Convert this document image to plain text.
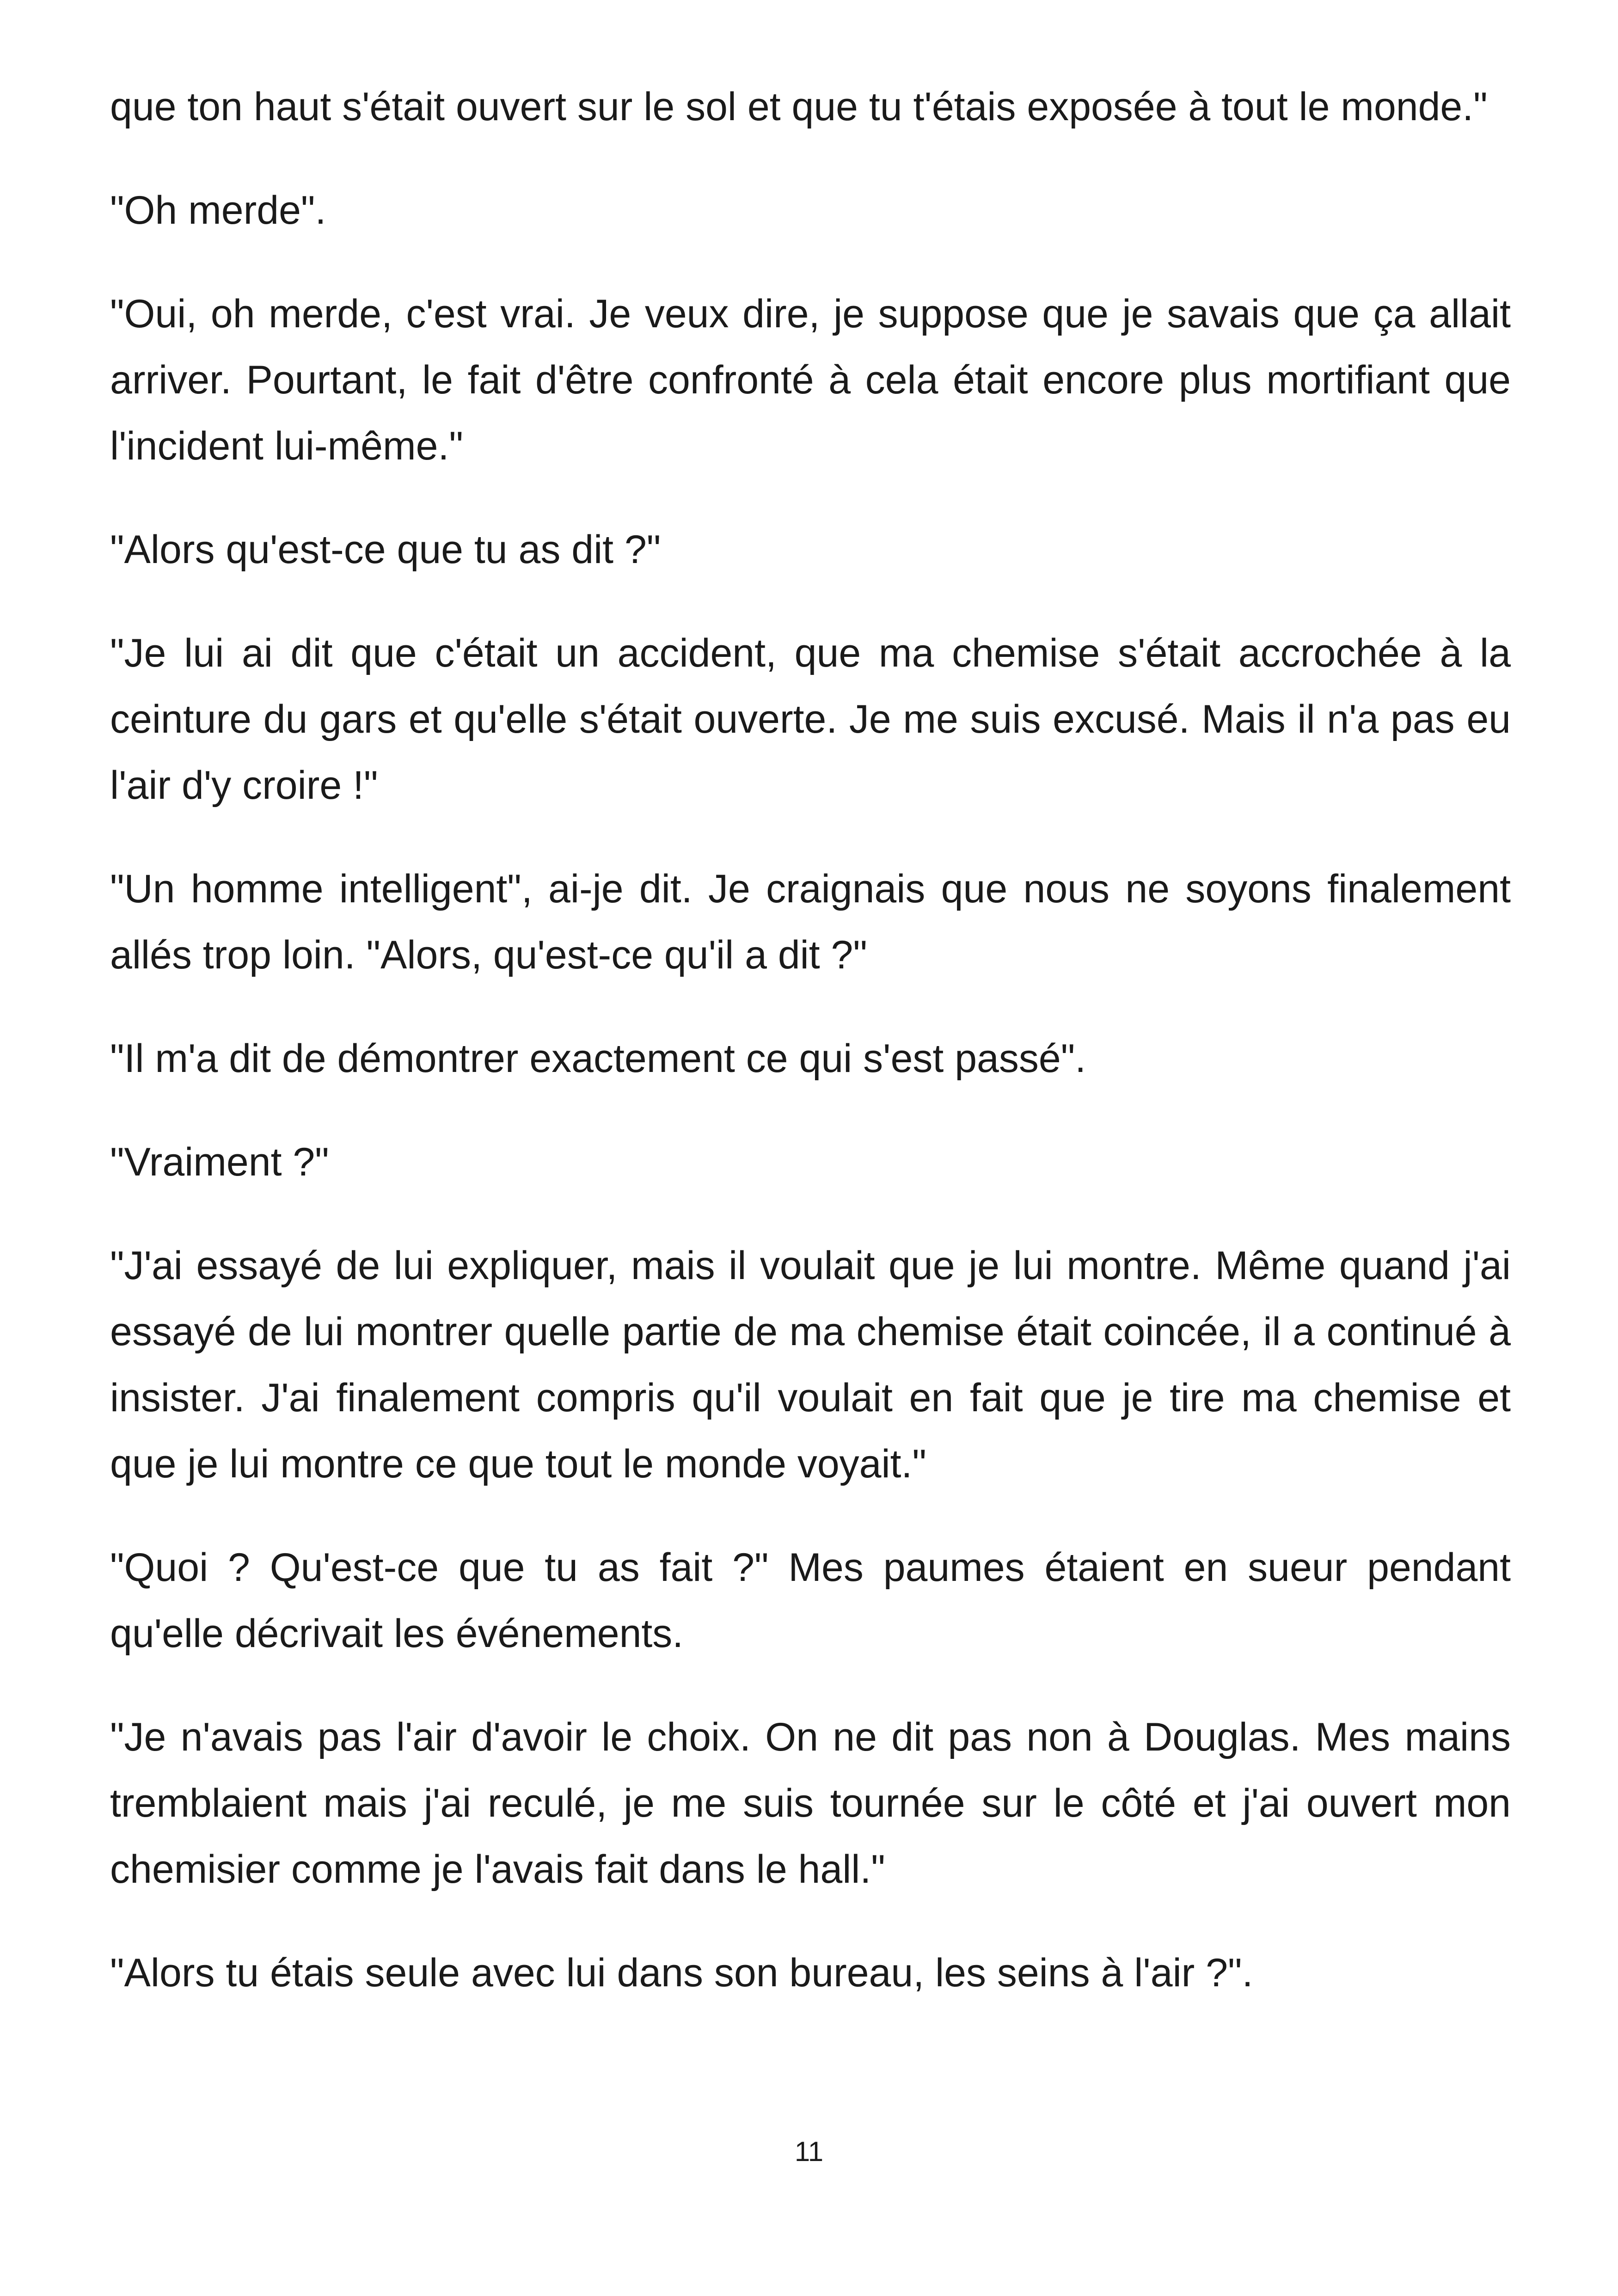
que ton haut s'était ouvert sur le sol et que tu t'étais exposée à tout le monde."

"Oh merde".

"Oui, oh merde, c'est vrai. Je veux dire, je suppose que je savais que ça allait arriver. Pourtant, le fait d'être confronté à cela était encore plus mortifiant que l'incident lui-même."

"Alors qu'est-ce que tu as dit ?"

"Je lui ai dit que c'était un accident, que ma chemise s'était accrochée à la ceinture du gars et qu'elle s'était ouverte. Je me suis excusé. Mais il n'a pas eu l'air d'y croire !"

"Un homme intelligent", ai-je dit. Je craignais que nous ne soyons finalement allés trop loin. "Alors, qu'est-ce qu'il a dit ?"

"Il m'a dit de démontrer exactement ce qui s'est passé".

"Vraiment ?"

"J'ai essayé de lui expliquer, mais il voulait que je lui montre. Même quand j'ai essayé de lui montrer quelle partie de ma chemise était coincée, il a continué à insister. J'ai finalement compris qu'il voulait en fait que je tire ma chemise et que je lui montre ce que tout le monde voyait."

"Quoi ? Qu'est-ce que tu as fait ?" Mes paumes étaient en sueur pendant qu'elle décrivait les événements.

"Je n'avais pas l'air d'avoir le choix. On ne dit pas non à Douglas. Mes mains tremblaient mais j'ai reculé, je me suis tournée sur le côté et j'ai ouvert mon chemisier comme je l'avais fait dans le hall."

"Alors tu étais seule avec lui dans son bureau, les seins à l'air ?".

11
